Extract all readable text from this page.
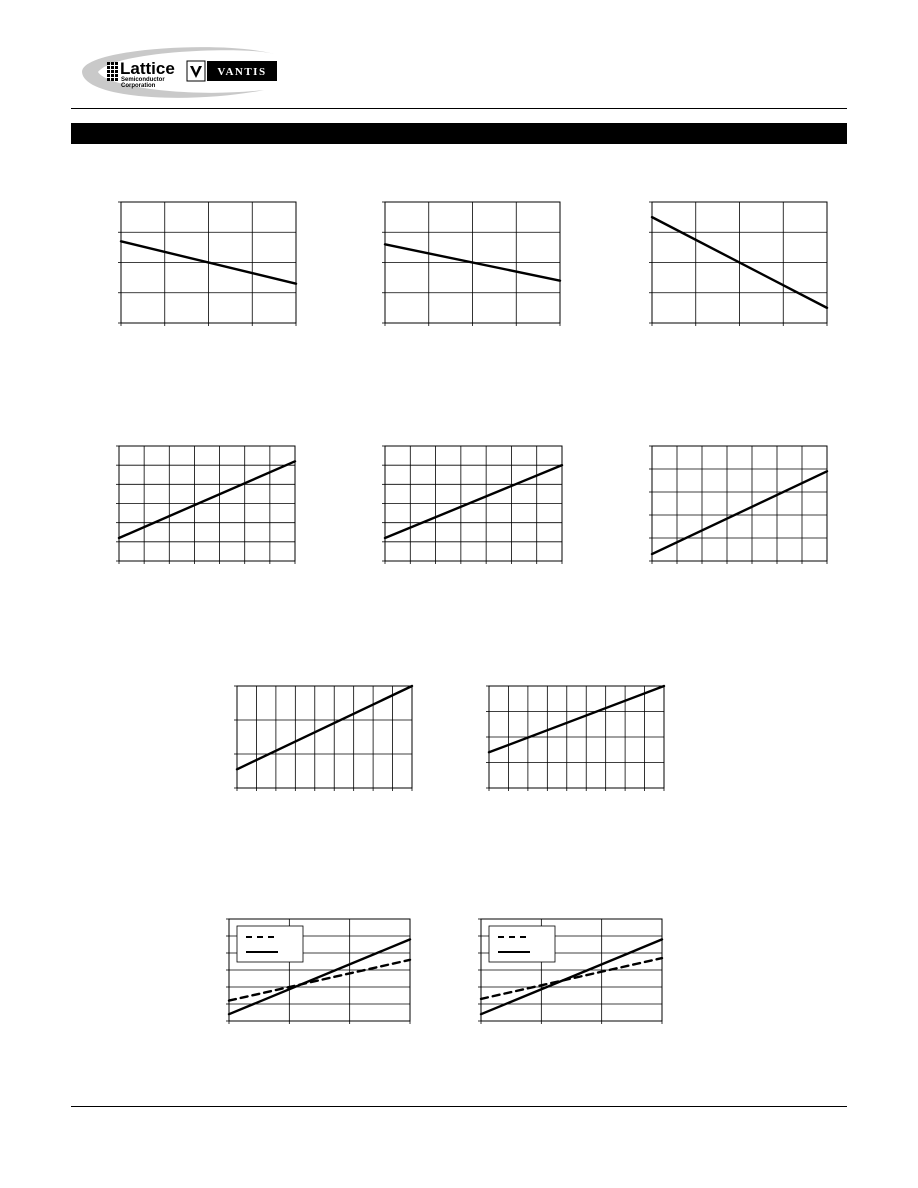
Lattice
Semiconductor
Corporation
VANTIS
